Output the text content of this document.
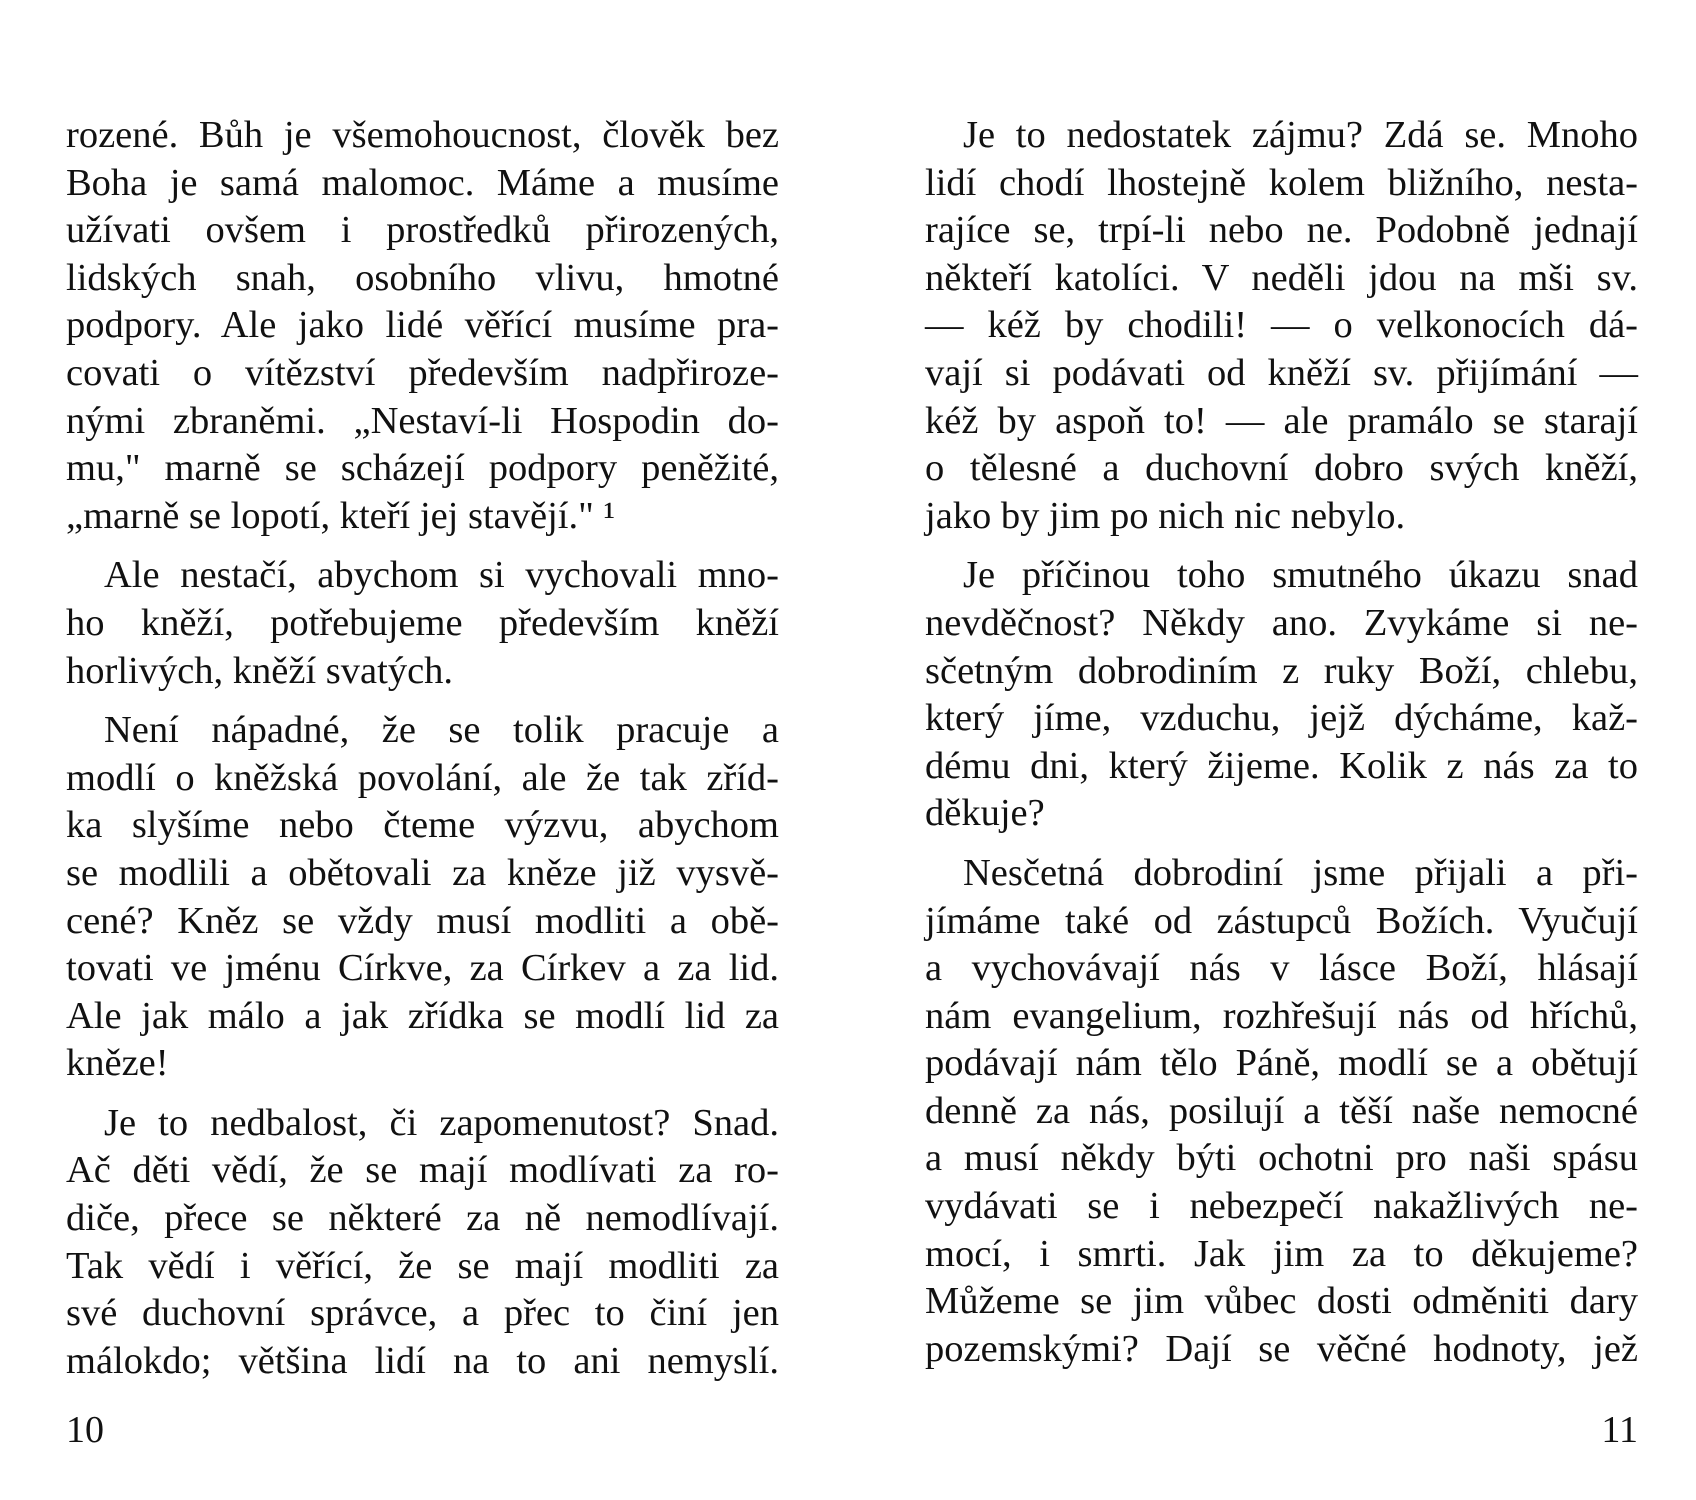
rozené. Bůh je všemohoucnost, člověk bez
Boha je samá malomoc. Máme a musíme
užívati ovšem i prostředků přirozených,
lidských snah, osobního vlivu, hmotné
podpory. Ale jako lidé věřící musíme pra-
covati o vítězství především nadpřiroze-
nými zbraněmi. „Nestaví-li Hospodin do-
mu," marně se scházejí podpory peněžité,
„marně se lopotí, kteří jej stavějí." ¹
Ale nestačí, abychom si vychovali mno-
ho kněží, potřebujeme především kněží
horlivých, kněží svatých.
Není nápadné, že se tolik pracuje a
modlí o kněžská povolání, ale že tak zříd-
ka slyšíme nebo čteme výzvu, abychom
se modlili a obětovali za kněze již vysvě-
cené? Kněz se vždy musí modliti a obě-
tovati ve jménu Církve, za Církev a za lid.
Ale jak málo a jak zřídka se modlí lid za
kněze!
Je to nedbalost, či zapomenutost? Snad.
Ač děti vědí, že se mají modlívati za ro-
diče, přece se některé za ně nemodlívají.
Tak vědí i věřící, že se mají modliti za
své duchovní správce, a přec to činí jen
málokdo; většina lidí na to ani nemyslí.
10
Je to nedostatek zájmu? Zdá se. Mnoho
lidí chodí lhostejně kolem bližního, nesta-
rajíce se, trpí-li nebo ne. Podobně jednají
někteří katolíci. V neděli jdou na mši sv.
— kéž by chodili! — o velkonocích dá-
vají si podávati od kněží sv. přijímání —
kéž by aspoň to! — ale pramálo se starají
o tělesné a duchovní dobro svých kněží,
jako by jim po nich nic nebylo.
Je příčinou toho smutného úkazu snad
nevděčnost? Někdy ano. Zvykáme si ne-
sčetným dobrodiním z ruky Boží, chlebu,
který jíme, vzduchu, jejž dýcháme, kaž-
dému dni, který žijeme. Kolik z nás za to
děkuje?
Nesčetná dobrodiní jsme přijali a při-
jímáme také od zástupců Božích. Vyučují
a vychovávají nás v lásce Boží, hlásají
nám evangelium, rozhřešují nás od hříchů,
podávají nám tělo Páně, modlí se a obětují
denně za nás, posilují a těší naše nemocné
a musí někdy býti ochotni pro naši spásu
vydávati se i nebezpečí nakažlivých ne-
mocí, i smrti. Jak jim za to děkujeme?
Můžeme se jim vůbec dosti odměniti dary
pozemskými? Dají se věčné hodnoty, jež
11
